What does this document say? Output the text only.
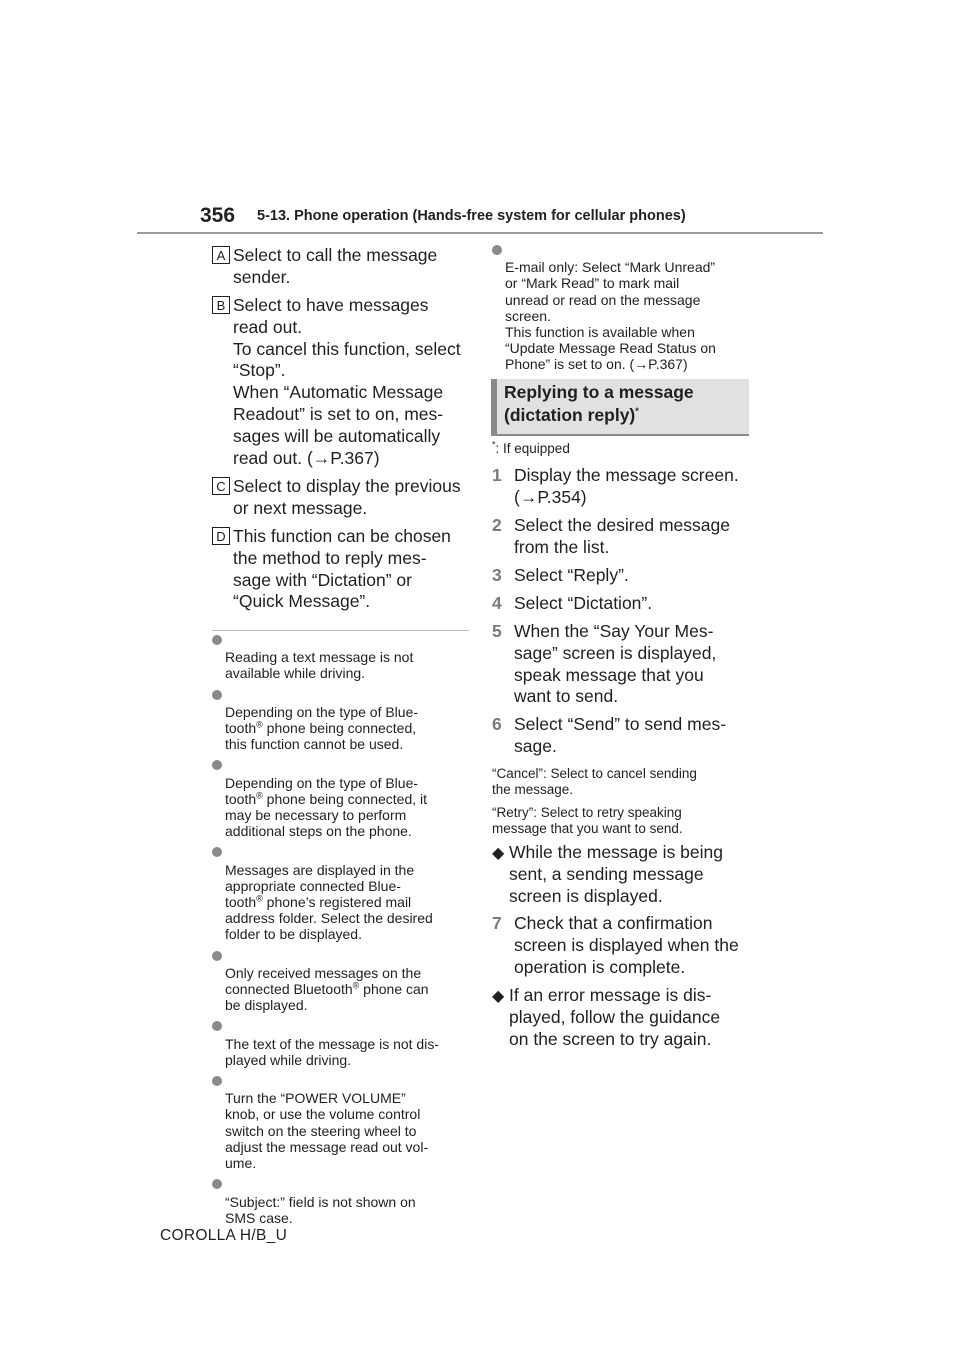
356 5-13. Phone operation (Hands-free system for cellular phones)
A Select to call the message
sender.
B Select to have messages
read out.
To cancel this function, select
“Stop”.
When “Automatic Message
Readout” is set to on, mes-
sages will be automatically
read out. (→P.367)
C Select to display the previous
or next message.
D This function can be chosen
the method to reply mes-
sage with “Dictation” or
“Quick Message”.

Reading a text message is not
available while driving.

Depending on the type of Blue-
tooth® phone being connected,
this function cannot be used.

Depending on the type of Blue-
tooth® phone being connected, it
may be necessary to perform
additional steps on the phone.

Messages are displayed in the
appropriate connected Blue-
tooth® phone’s registered mail
address folder. Select the desired
folder to be displayed.

Only received messages on the
connected Bluetooth® phone can
be displayed.

The text of the message is not dis-
played while driving.

Turn the “POWER VOLUME”
knob, or use the volume control
switch on the steering wheel to
adjust the message read out vol-
ume.

“Subject:” field is not shown on
SMS case.

E-mail only: Select “Mark Unread”
or “Mark Read” to mark mail
unread or read on the message
screen.
This function is available when
“Update Message Read Status on
Phone” is set to on. (→P.367)

Replying to a message
(dictation reply)*
*: If equipped
1 Display the message screen.
(→P.354)
2 Select the desired message
from the list.
3 Select “Reply”.
4 Select “Dictation”.
5 When the “Say Your Mes-
sage” screen is displayed,
speak message that you
want to send.
6 Select “Send” to send mes-
sage.
“Cancel”: Select to cancel sending
the message.
“Retry”: Select to retry speaking
message that you want to send.
◆ While the message is being
sent, a sending message
screen is displayed.
7 Check that a confirmation
screen is displayed when the
operation is complete.
◆ If an error message is dis-
played, follow the guidance
on the screen to try again.
COROLLA H/B_U
